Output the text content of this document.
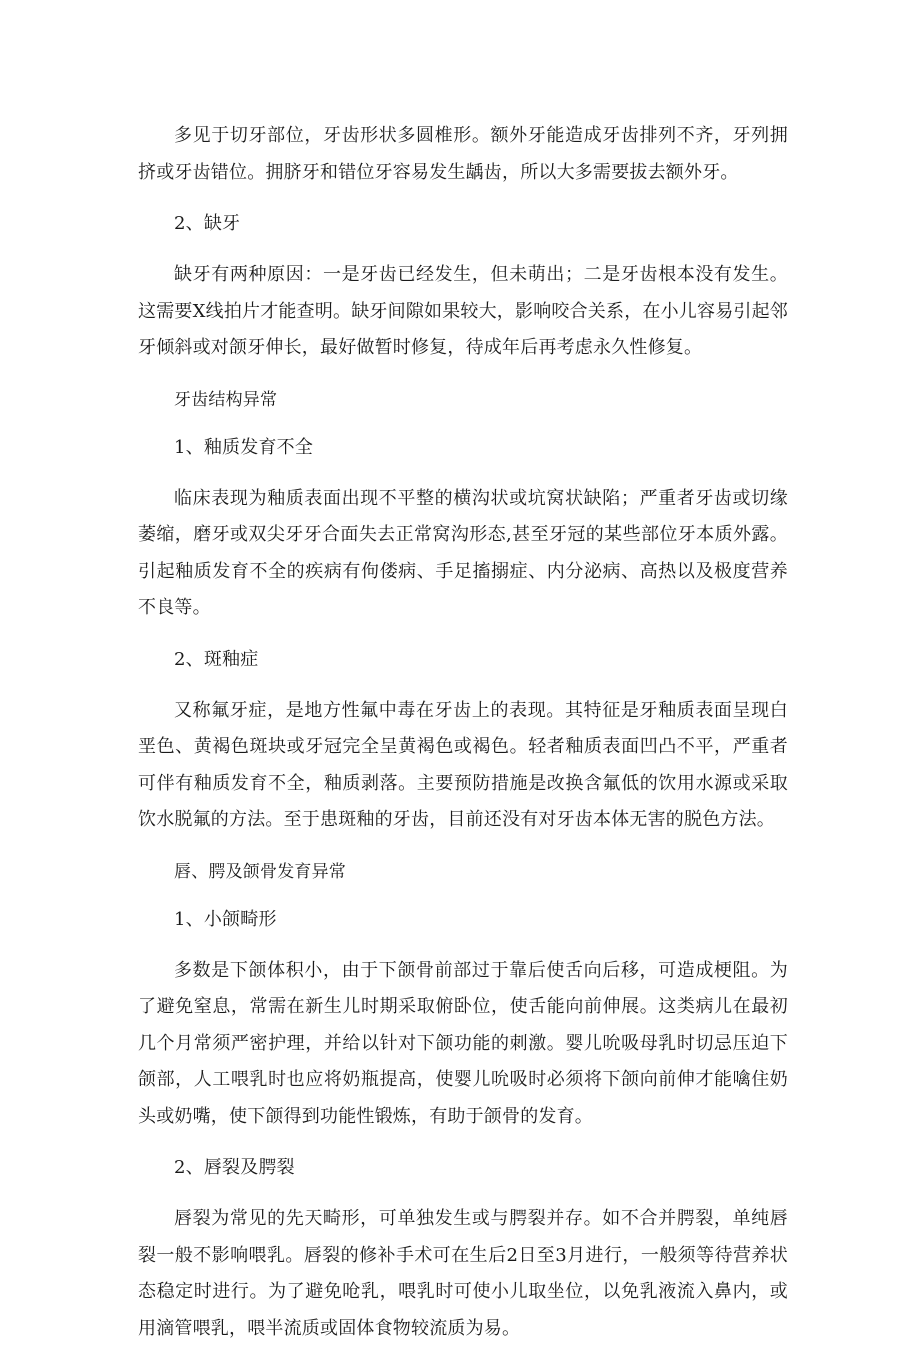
多见于切牙部位，牙齿形状多圆椎形。额外牙能造成牙齿排列不齐，牙列拥挤或牙齿错位。拥脐牙和错位牙容易发生龋齿，所以大多需要拔去额外牙。

2、缺牙

缺牙有两种原因：一是牙齿已经发生，但未萌出；二是牙齿根本没有发生。这需要X线拍片才能查明。缺牙间隙如果较大，影响咬合关系，在小儿容易引起邻牙倾斜或对颌牙伸长，最好做暂时修复，待成年后再考虑永久性修复。

牙齿结构异常

1、釉质发育不全

临床表现为釉质表面出现不平整的横沟状或坑窝状缺陷；严重者牙齿或切缘萎缩，磨牙或双尖牙牙合面失去正常窝沟形态,甚至牙冠的某些部位牙本质外露。引起釉质发育不全的疾病有佝偻病、手足搐搦症、内分泌病、高热以及极度营养不良等。

2、斑釉症

又称氟牙症，是地方性氟中毒在牙齿上的表现。其特征是牙釉质表面呈现白垩色、黄褐色斑块或牙冠完全呈黄褐色或褐色。轻者釉质表面凹凸不平，严重者可伴有釉质发育不全，釉质剥落。主要预防措施是改换含氟低的饮用水源或采取饮水脱氟的方法。至于患斑釉的牙齿，目前还没有对牙齿本体无害的脱色方法。

唇、腭及颌骨发育异常

1、小颌畸形

多数是下颌体积小，由于下颌骨前部过于靠后使舌向后移，可造成梗阻。为了避免窒息，常需在新生儿时期采取俯卧位，使舌能向前伸展。这类病儿在最初几个月常须严密护理，并给以针对下颌功能的刺激。婴儿吮吸母乳时切忌压迫下颌部，人工喂乳时也应将奶瓶提高，使婴儿吮吸时必须将下颌向前伸才能噙住奶头或奶嘴，使下颌得到功能性锻炼，有助于颌骨的发育。

2、唇裂及腭裂

唇裂为常见的先天畸形，可单独发生或与腭裂并存。如不合并腭裂，单纯唇裂一般不影响喂乳。唇裂的修补手术可在生后2日至3月进行，一般须等待营养状态稳定时进行。为了避免呛乳，喂乳时可使小儿取坐位，以免乳液流入鼻内，或用滴管喂乳，喂半流质或固体食物较流质为易。
